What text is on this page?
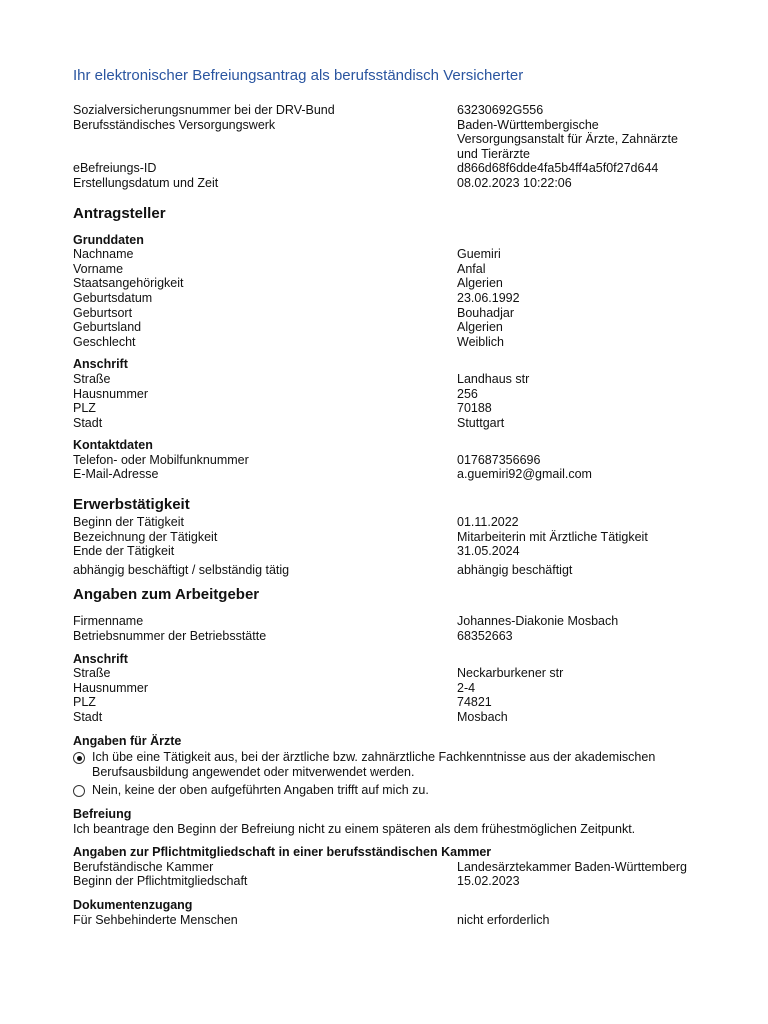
Ihr elektronischer Befreiungsantrag als berufsständisch Versicherter
Sozialversicherungsnummer bei der DRV-Bund	63230692G556
Berufsständisches Versorgungswerk	Baden-Württembergische Versorgungsanstalt für Ärzte, Zahnärzte und Tierärzte
eBefreiungs-ID	d866d68f6dde4fa5b4ff4a5f0f27d644
Erstellungsdatum und Zeit	08.02.2023 10:22:06
Antragsteller
Grunddaten
Nachname	Guemiri
Vorname	Anfal
Staatsangehörigkeit	Algerien
Geburtsdatum	23.06.1992
Geburtsort	Bouhadjar
Geburtsland	Algerien
Geschlecht	Weiblich
Anschrift
Straße	Landhaus str
Hausnummer	256
PLZ	70188
Stadt	Stuttgart
Kontaktdaten
Telefon- oder Mobilfunknummer	017687356696
E-Mail-Adresse	a.guemiri92@gmail.com
Erwerbstätigkeit
Beginn der Tätigkeit	01.11.2022
Bezeichnung der Tätigkeit	Mitarbeiterin mit Ärztliche Tätigkeit
Ende der Tätigkeit	31.05.2024
abhängig beschäftigt / selbständig tätig	abhängig beschäftigt
Angaben zum Arbeitgeber
Firmenname	Johannes-Diakonie Mosbach
Betriebsnummer der Betriebsstätte	68352663
Anschrift
Straße	Neckarburkener str
Hausnummer	2-4
PLZ	74821
Stadt	Mosbach
Angaben für Ärzte
Ich übe eine Tätigkeit aus, bei der ärztliche bzw. zahnärztliche Fachkenntnisse aus der akademischen Berufsausbildung angewendet oder mitverwendet werden.
Nein, keine der oben aufgeführten Angaben trifft auf mich zu.
Befreiung
Ich beantrage den Beginn der Befreiung nicht zu einem späteren als dem frühestmöglichen Zeitpunkt.
Angaben zur Pflichtmitgliedschaft in einer berufsständischen Kammer
Berufständische Kammer	Landesärztekammer Baden-Württemberg
Beginn der Pflichtmitgliedschaft	15.02.2023
Dokumentenzugang
Für Sehbehinderte Menschen	nicht erforderlich
